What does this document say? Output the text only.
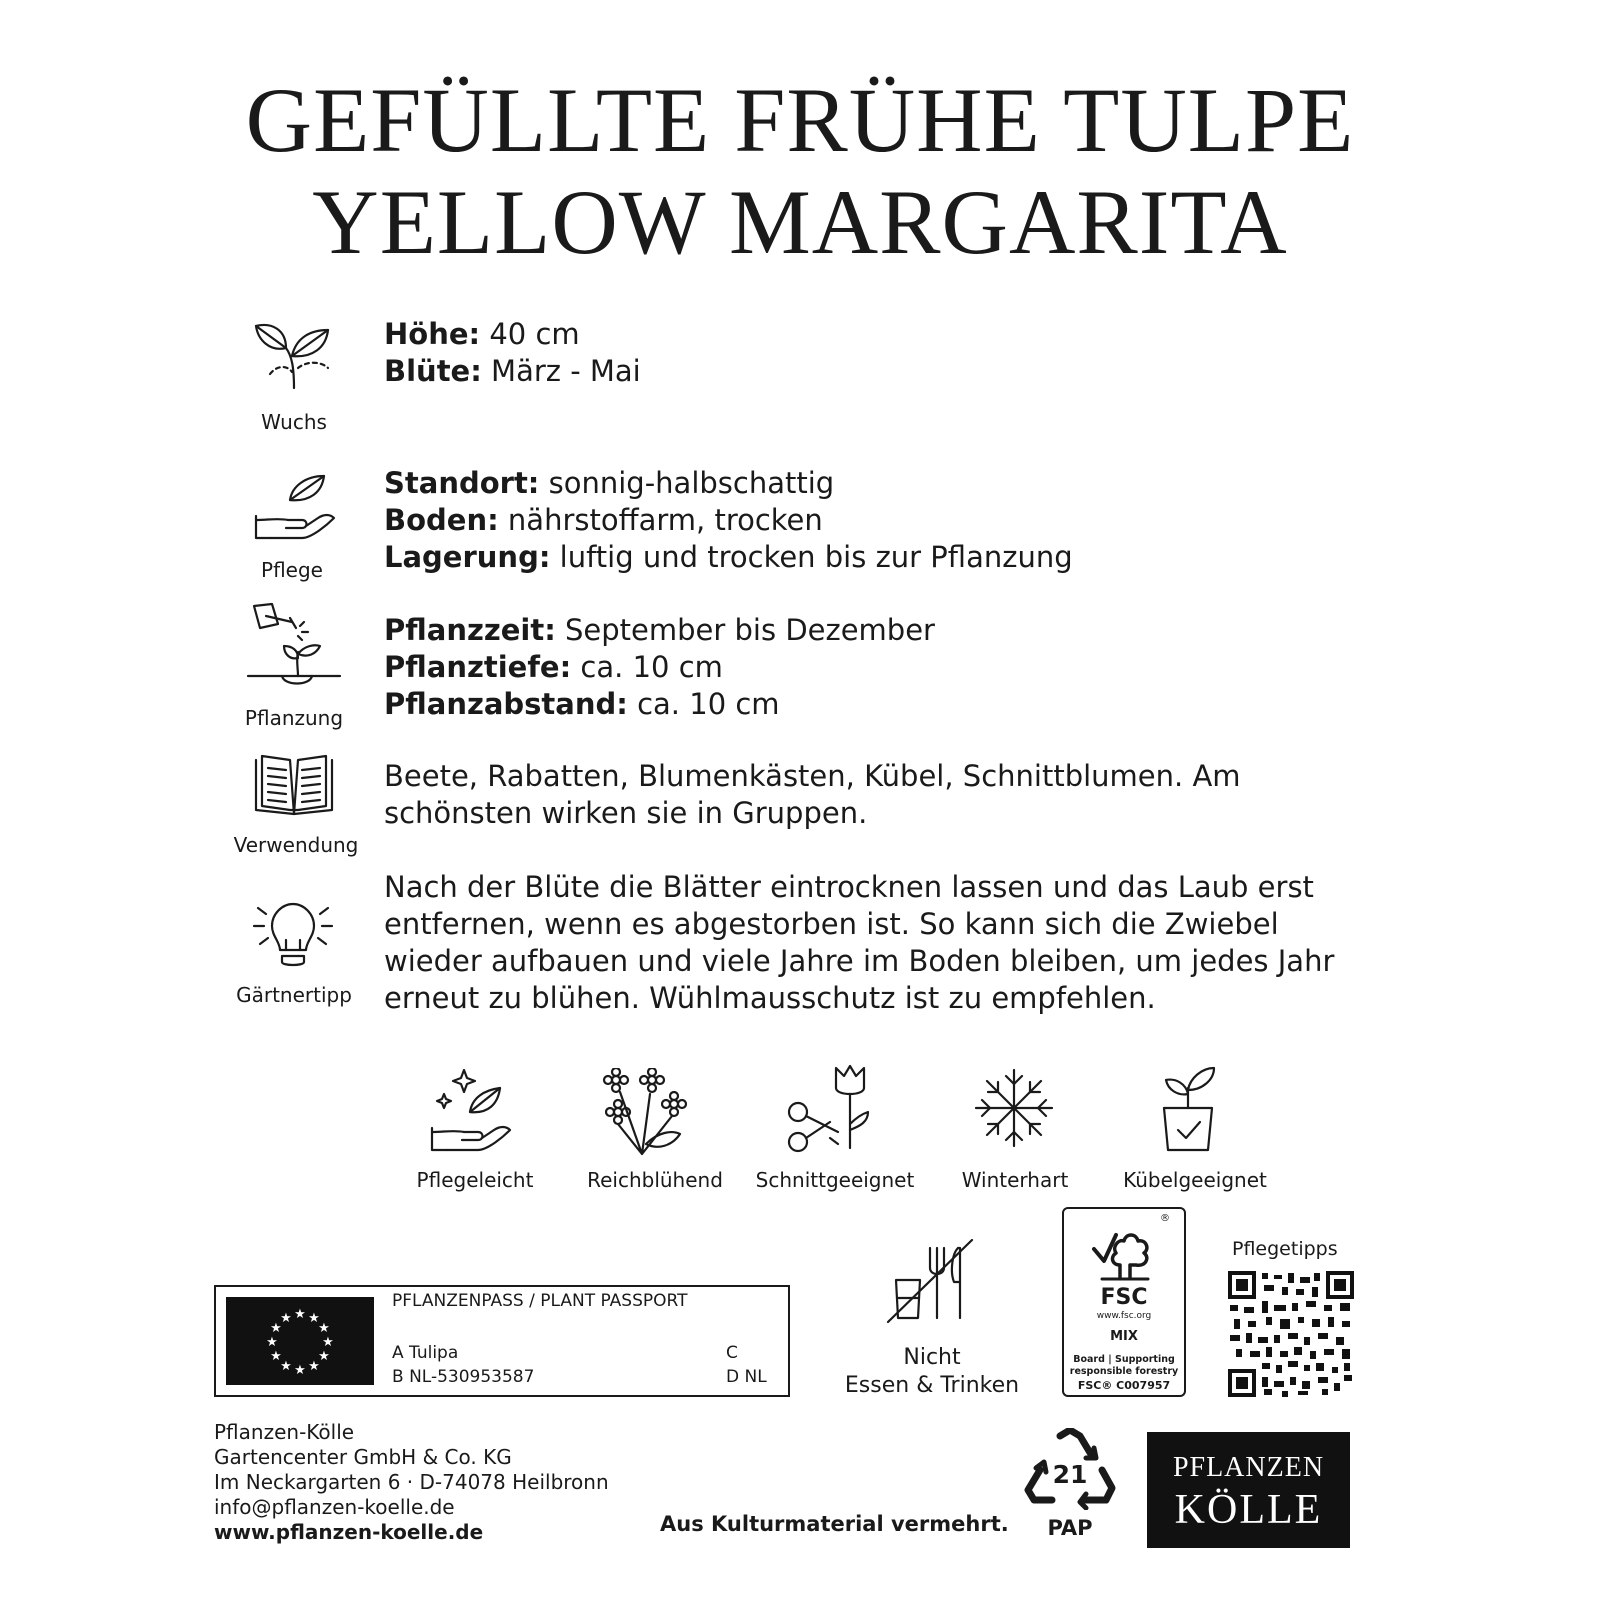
GEFÜLLTE FRÜHE TULPE
YELLOW MARGARITA
Wuchs
Höhe: 40 cm
Blüte: März - Mai
Pflege
Standort: sonnig-halbschattig
Boden: nährstoffarm, trocken
Lagerung: luftig und trocken bis zur Pflanzung
Pflanzung
Pflanzzeit: September bis Dezember
Pflanztiefe: ca. 10 cm
Pflanzabstand: ca. 10 cm
Verwendung
Beete, Rabatten, Blumenkästen, Kübel, Schnittblumen. Am
schönsten wirken sie in Gruppen.
Gärtnertipp
Nach der Blüte die Blätter eintrocknen lassen und das Laub erst
entfernen, wenn es abgestorben ist. So kann sich die Zwiebel
wieder aufbauen und viele Jahre im Boden bleiben, um jedes Jahr
erneut zu blühen. Wühlmausschutz ist zu empfehlen.
Pflegeleicht	Reichblühend	Schnittgeeignet	Winterhart	Kübelgeeignet
★ ★
★
★
★
★
★
★
★
★
★
★
PFLANZENPASS / PLANT PASSPORT
A Tulipa
B NL-530953587
C
D NL
Nicht
Essen & Trinken
®
FSC
www.fsc.org
MIX
Board | Supporting
responsible forestry
FSC® C007957
Pflegetipps
Pflanzen-Kölle
Gartencenter GmbH & Co. KG
Im Neckargarten 6 · D-74078 Heilbronn
info@pflanzen-koelle.de
www.pflanzen-koelle.de	Aus Kulturmaterial vermehrt.
21
PAP
PFLANZEN
KÖLLE
